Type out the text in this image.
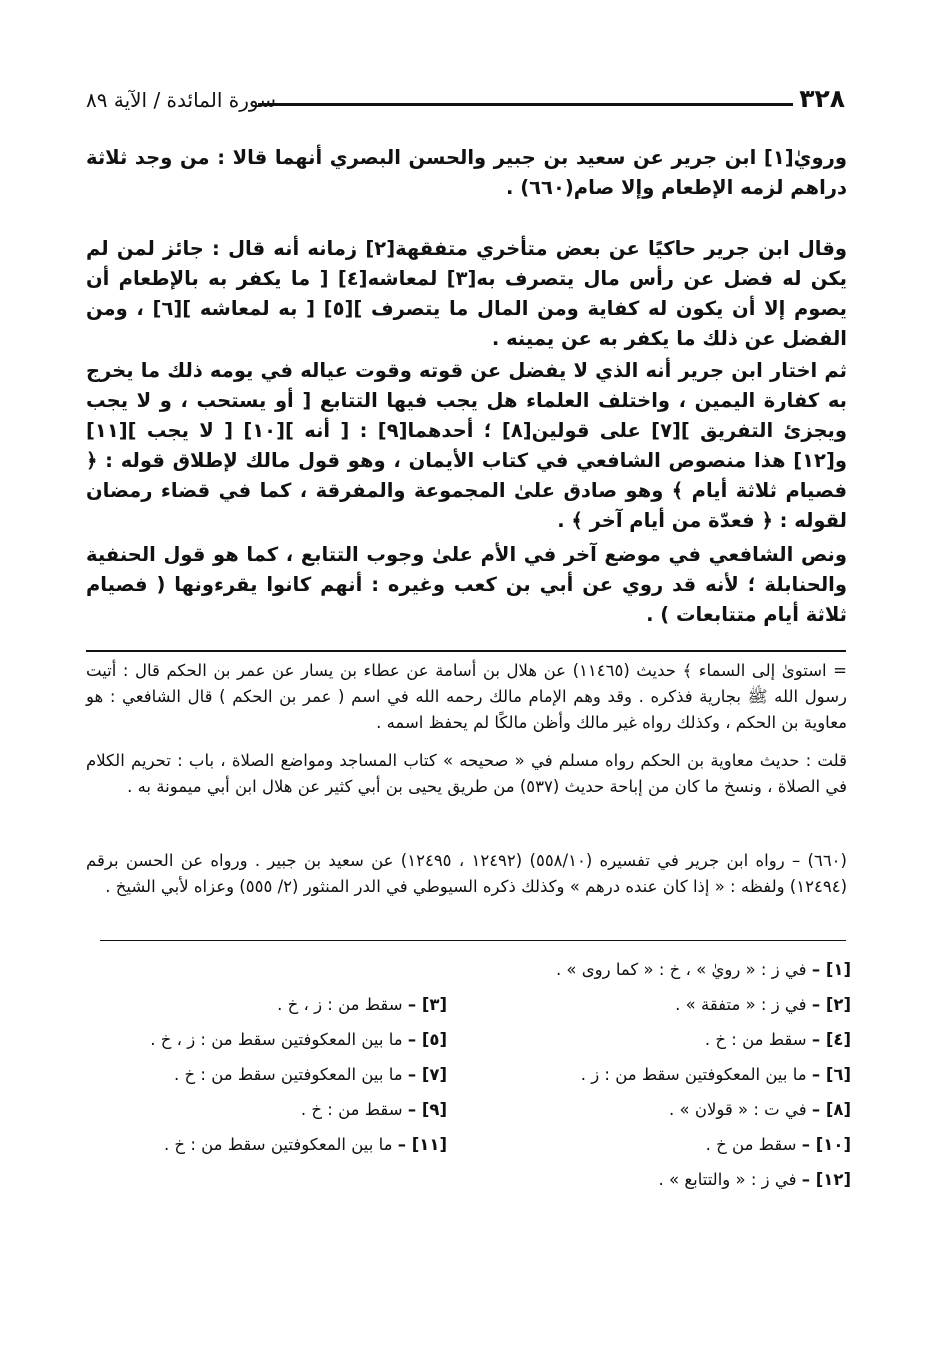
٣٢٨
سورة المائدة / الآية ٨٩
ورويٰ[١] ابن جرير عن سعيد بن جبير والحسن البصري أنهما قالا : من وجد ثلاثة دراهم لزمه الإطعام وإلا صام(٦٦٠) .
وقال ابن جرير حاكيًا عن بعض متأخري متفقهة[٢] زمانه أنه قال : جائز لمن لم يكن له فضل عن رأس مال يتصرف به[٣] لمعاشه[٤] [ ما يكفر به بالإطعام أن يصوم إلا أن يكون له كفاية ومن المال ما يتصرف ][٥] [ به لمعاشه ][٦] ، ومن الفضل عن ذلك ما يكفر به عن يمينه .
ثم اختار ابن جرير أنه الذي لا يفضل عن قوته وقوت عياله في يومه ذلك ما يخرج به كفارة اليمين ، واختلف العلماء هل يجب فيها التتابع [ أو يستحب ، و لا يجب ويجزئ التفريق ][٧] على قولين[٨] ؛ أحدهما[٩] : [ أنه ][١٠] [ لا يجب ][١١] و[١٢] هذا منصوص الشافعي في كتاب الأيمان ، وهو قول مالك لإطلاق قوله : ﴿ فصيام ثلاثة أيام ﴾ وهو صادق علىٰ المجموعة والمفرقة ، كما في قضاء رمضان لقوله : ﴿ فعدّة من أيام آخر ﴾ .
ونص الشافعي في موضع آخر في الأم علىٰ وجوب التتابع ، كما هو قول الحنفية والحنابلة ؛ لأنه قد روي عن أبي بن كعب وغيره : أنهم كانوا يقرءونها ( فصيام ثلاثة أيام متتابعات ) .
= استوىٰ إلى السماء ﴾ حديث (١١٤٦٥) عن هلال بن أسامة عن عطاء بن يسار عن عمر بن الحكم قال : أتيت رسول الله ﷺ بجارية فذكره . وقد وهم الإمام مالك رحمه الله في اسم ( عمر بن الحكم ) قال الشافعي : هو معاوية بن الحكم ، وكذلك رواه غير مالك وأظن مالكًا لم يحفظ اسمه .
قلت : حديث معاوية بن الحكم رواه مسلم في « صحيحه » كتاب المساجد ومواضع الصلاة ، باب : تحريم الكلام في الصلاة ، ونسخ ما كان من إباحة حديث (٥٣٧) من طريق يحيى بن أبي كثير عن هلال ابن أبي ميمونة به .
(٦٦٠) – رواه ابن جرير في تفسيره (٥٥٨/١٠) (١٢٤٩٢ ، ١٢٤٩٥) عن سعيد بن جبير . ورواه عن الحسن برقم (١٢٤٩٤) ولفظه : « إذا كان عنده درهم » وكذلك ذكره السيوطي في الدر المنثور (٢/ ٥٥٥) وعزاه لأبي الشيخ .
[١] – في ز : « رويٰ » ، خ : « كما روى » .
[٢] – في ز : « متفقة » .
[٤] – سقط من : خ .
[٦] – ما بين المعكوفتين سقط من : ز .
[٨] – في ت : « قولان » .
[١٠] – سقط من خ .
[١٢] – في ز : « والتتابع » .
[٣] – سقط من : ز ، خ .
[٥] – ما بين المعكوفتين سقط من : ز ، خ .
[٧] – ما بين المعكوفتين سقط من : خ .
[٩] – سقط من : خ .
[١١] – ما بين المعكوفتين سقط من : خ .
